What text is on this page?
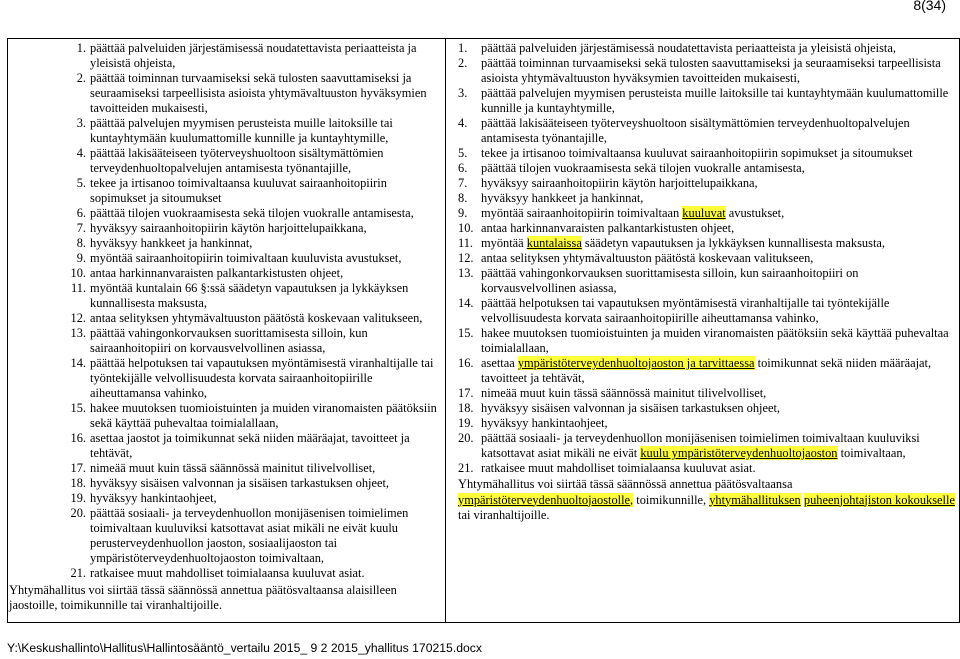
8(34)
1. päättää palveluiden järjestämisessä noudatettavista periaatteista ja yleisistä ohjeista,
2. päättää toiminnan turvaamiseksi sekä tulosten saavuttamiseksi ja seuraamiseksi tarpeellisista asioista yhtymävaltuuston hyväksymien tavoitteiden mukaisesti,
3. päättää palvelujen myymisen perusteista muille laitoksille tai kuntayhtymään kuulumattomille kunnille ja kuntayhtymille,
4. päättää lakisääteiseen työterveyshuoltoon sisältymättömien terveydenhuoltopalvelujen antamisesta työnantajille,
5. tekee ja irtisanoo toimivaltaansa kuuluvat sairaanhoitopiirin sopimukset ja sitoumukset
6. päättää tilojen vuokraamisesta sekä tilojen vuokralle antamisesta,
7. hyväksyy sairaanhoitopiirin käytön harjoittelupaikkana,
8. hyväksyy hankkeet ja hankinnat,
9. myöntää sairaanhoitopiirin toimivaltaan kuuluvista avustukset,
10. antaa harkinnanvaraisten palkantarkistusten ohjeet,
11. myöntää kuntalain 66 §:ssä säädetyn vapautuksen ja lykkäyksen kunnallisesta maksusta,
12. antaa selityksen yhtymävaltuuston päätöstä koskevaan valitukseen,
13. päättää vahingonkorvauksen suorittamisesta silloin, kun sairaanhoitopiiri on korvausvelvollinen asiassa,
14. päättää helpotuksen tai vapautuksen myöntämisestä viranhaltijalle tai työntekijälle velvollisuudesta korvata sairaanhoitopiirille aiheuttamansa vahinko,
15. hakee muutoksen tuomioistuinten ja muiden viranomaisten päätöksiin sekä käyttää puhevaltaa toimialallaan,
16. asettaa jaostot ja toimikunnat sekä niiden määräajat, tavoitteet ja tehtävät,
17. nimeää muut kuin tässä säännössä mainitut tilivelvolliset,
18. hyväksyy sisäisen valvonnan ja sisäisen tarkastuksen ohjeet,
19. hyväksyy hankintaohjeet,
20. päättää sosiaali- ja terveydenhuollon monijäsenisen toimielimen toimivaltaan kuuluviksi katsottavat asiat mikäli ne eivät kuulu perusterveydenhuollon jaoston, sosiaalijaoston tai ympäristöterveydenhuoltojaoston toimivaltaan,
21. ratkaisee muut mahdolliset toimialaansa kuuluvat asiat.
Yhtymähallitus voi siirtää tässä säännössä annettua päätösvaltaansa alaisilleen jaostoille, toimikunnille tai viranhaltijoille.
1.	päättää palveluiden järjestämisessä noudatettavista periaatteista ja yleisistä ohjeista,
2.	päättää toiminnan turvaamiseksi sekä tulosten saavuttamiseksi ja seuraamiseksi tarpeellisista asioista yhtymävaltuuston hyväksymien tavoitteiden mukaisesti,
3.	päättää palvelujen myymisen perusteista muille laitoksille tai kuntayhtymään kuulumattomille kunnille ja kuntayhtymille,
4.	päättää lakisääteiseen työterveyshuoltoon sisältymättömien terveydenhuoltopalvelujen antamisesta työnantajille,
5.	tekee ja irtisanoo toimivaltaansa kuuluvat sairaanhoitopiirin sopimukset ja sitoumukset
6.	päättää tilojen vuokraamisesta sekä tilojen vuokralle antamisesta,
7.	hyväksyy sairaanhoitopiirin käytön harjoittelupaikkana,
8.	hyväksyy hankkeet ja hankinnat,
9.	myöntää sairaanhoitopiirin toimivaltaan kuuluvat avustukset,
10. antaa harkinnanvaraisten palkantarkistusten ohjeet,
11. myöntää kuntalaissa säädetyn vapautuksen ja lykkäyksen kunnallisesta maksusta,
12. antaa selityksen yhtymävaltuuston päätöstä koskevaan valitukseen,
13. päättää vahingonkorvauksen suorittamisesta silloin, kun sairaanhoitopiiri on korvausvelvollinen asiassa,
14. päättää helpotuksen tai vapautuksen myöntämisestä viranhaltijalle tai työntekijälle velvollisuudesta korvata sairaanhoitopiirille aiheuttamansa vahinko,
15. hakee muutoksen tuomioistuinten ja muiden viranomaisten päätöksiin sekä käyttää puhevaltaa toimialallaan,
16. asettaa ympäristöterveydenhuoltojaoston ja tarvittaessa toimikunnat sekä niiden määräajat, tavoitteet ja tehtävät,
17. nimeää muut kuin tässä säännössä mainitut tilivelvolliset,
18. hyväksyy sisäisen valvonnan ja sisäisen tarkastuksen ohjeet,
19. hyväksyy hankintaohjeet,
20. päättää sosiaali- ja terveydenhuollon monijäsenisen toimielimen toimivaltaan kuuluviksi katsottavat asiat mikäli ne eivät kuulu ympäristöterveydenhuoltojaoston toimivaltaan,
21. ratkaisee muut mahdolliset toimialaansa kuuluvat asiat.
Yhtymähallitus voi siirtää tässä säännössä annettua päätösvaltaansa ympäristöterveydenhuoltojaostolle, toimikunnille, yhtymähallituksen puheenjohtajiston kokoukselle tai viranhaltijoille.
Y:\Keskushallinto\Hallitus\Hallintosääntö_vertailu 2015_ 9 2 2015_yhallitus 170215.docx
